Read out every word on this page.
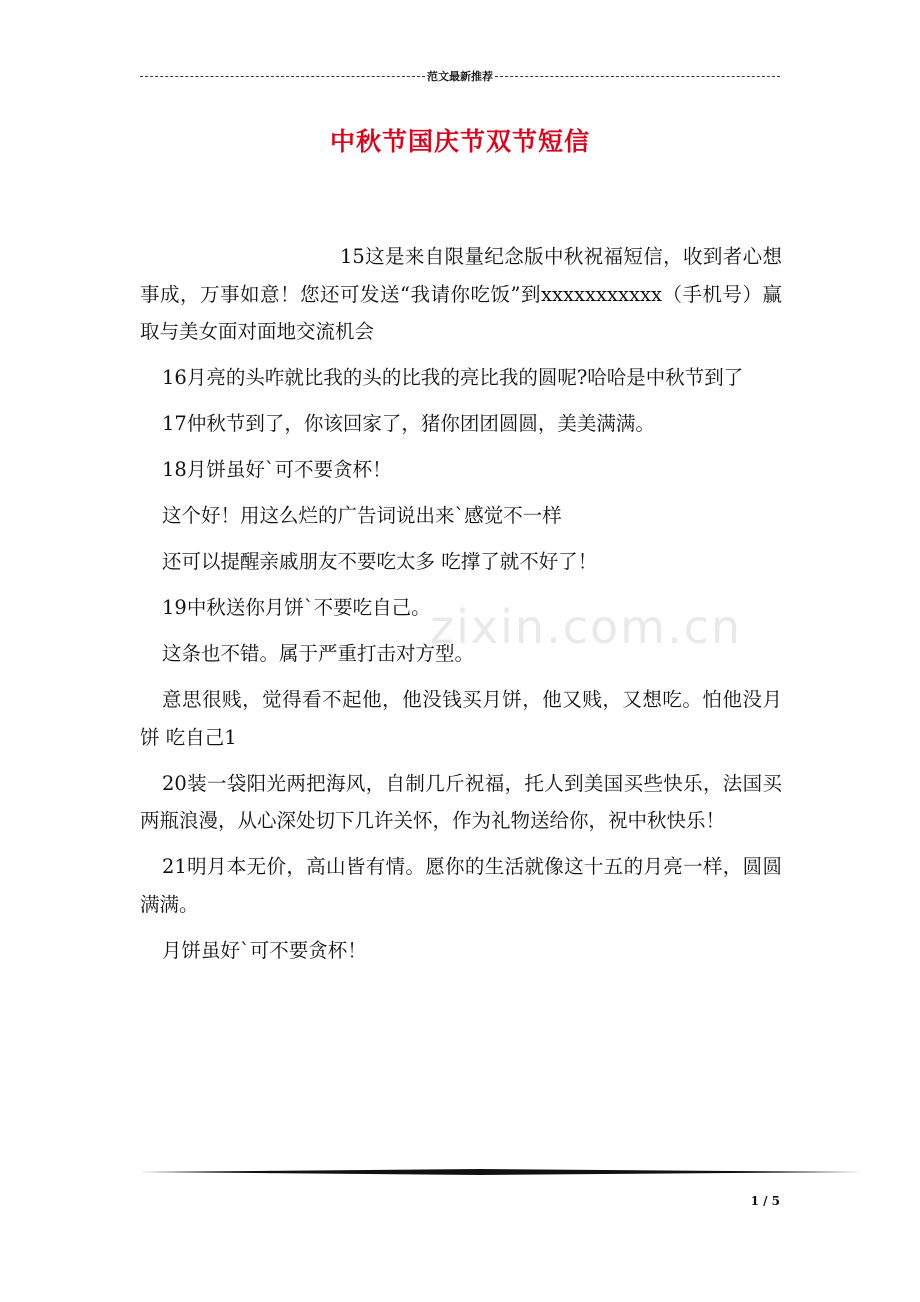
范文最新推荐
中秋节国庆节双节短信
zixin.com.cn

15这是来自限量纪念版中秋祝福短信，收到者心想事成，万事如意！您还可发送“我请你吃饭”到xxxxxxxxxxx（手机号）赢取与美女面对面地交流机会

16月亮的头咋就比我的头的比我的亮比我的圆呢?哈哈是中秋节到了

17仲秋节到了，你该回家了，猪你团团圆圆，美美满满。

18月饼虽好`可不要贪杯！

这个好！用这么烂的广告词说出来`感觉不一样

还可以提醒亲戚朋友不要吃太多 吃撑了就不好了！

19中秋送你月饼`不要吃自己。

这条也不错。属于严重打击对方型。

意思很贱，觉得看不起他，他没钱买月饼，他又贱，又想吃。怕他没月饼 吃自己1

20装一袋阳光两把海风，自制几斤祝福，托人到美国买些快乐，法国买两瓶浪漫，从心深处切下几许关怀，作为礼物送给你，祝中秋快乐！

21明月本无价，高山皆有情。愿你的生活就像这十五的月亮一样，圆圆满满。

月饼虽好`可不要贪杯！

1 / 5
